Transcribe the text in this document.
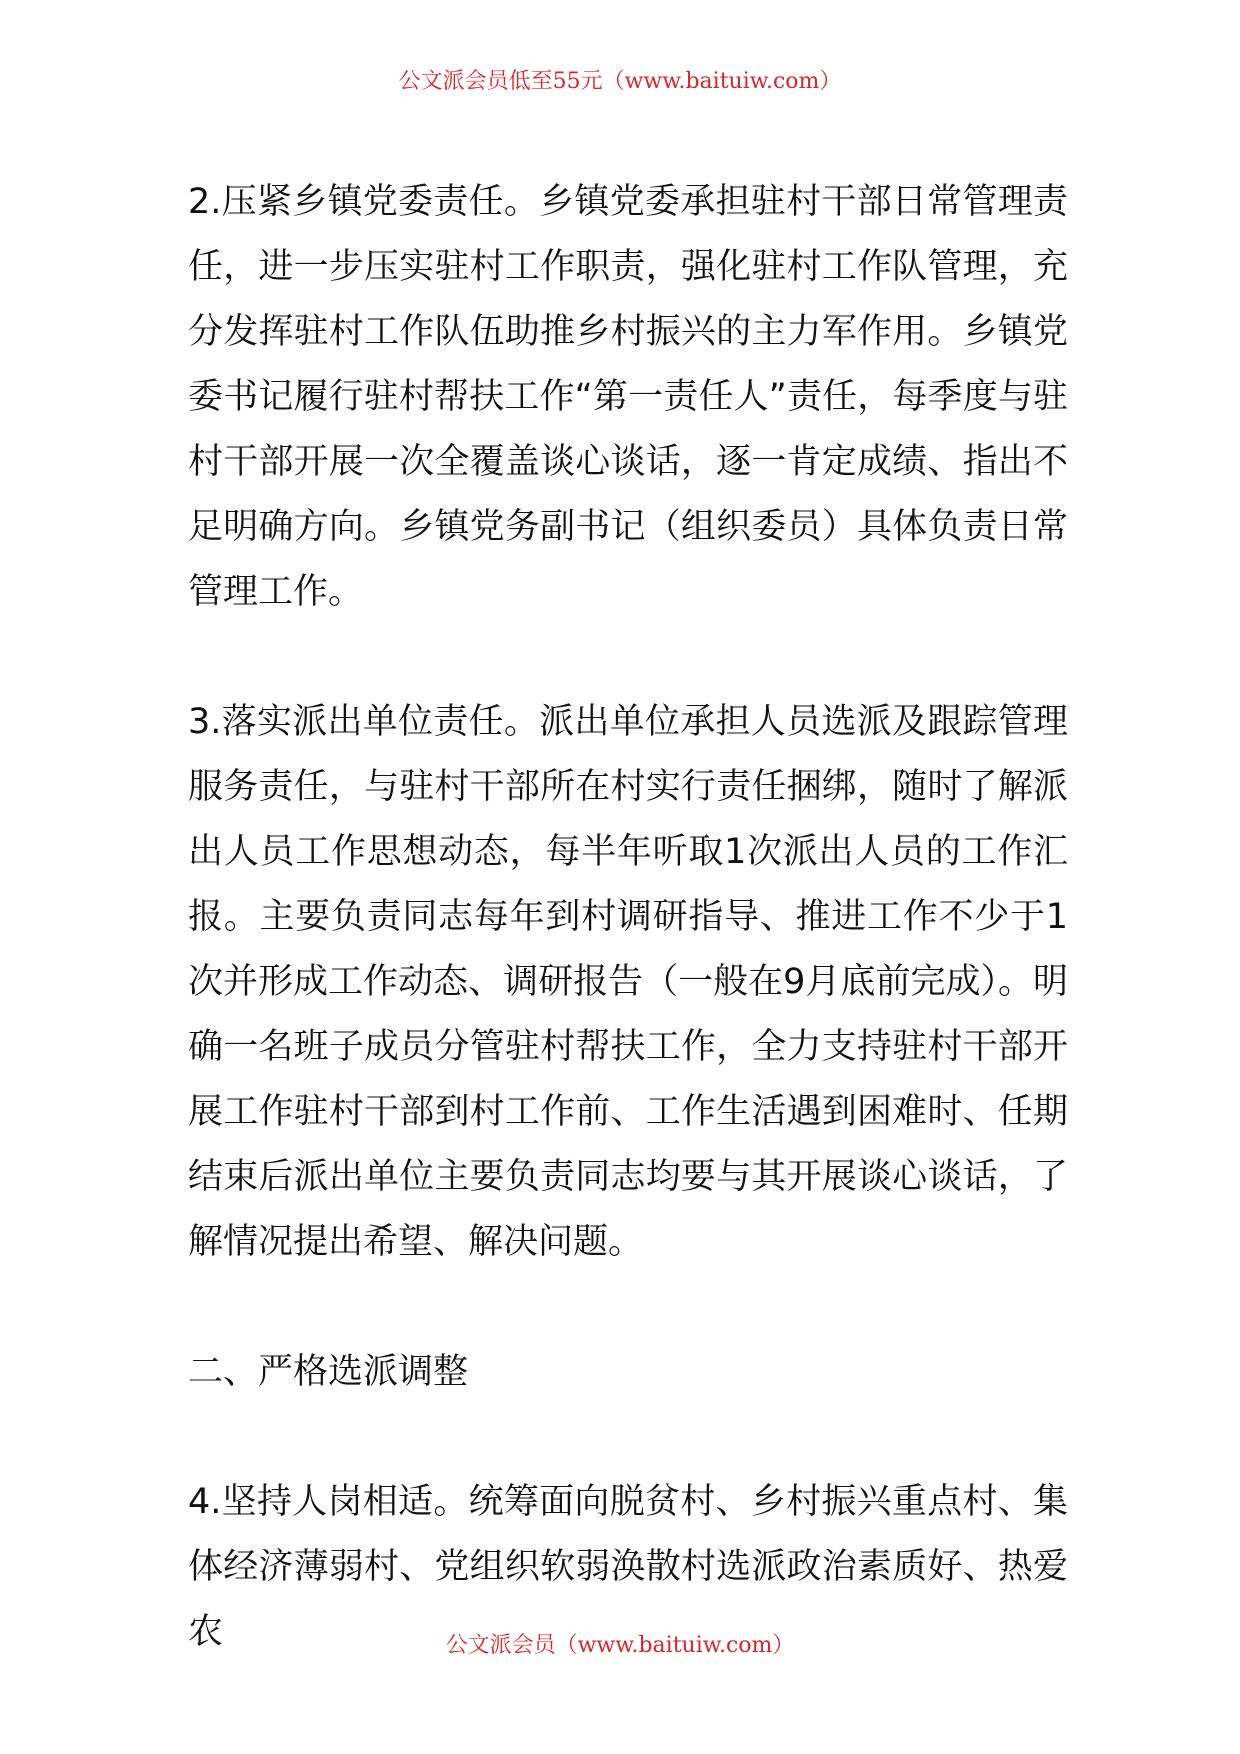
公文派会员低至55元（www.baituiw.com）

2.压紧乡镇党委责任。乡镇党委承担驻村干部日常管理责任，进一步压实驻村工作职责，强化驻村工作队管理，充分发挥驻村工作队伍助推乡村振兴的主力军作用。乡镇党委书记履行驻村帮扶工作“第一责任人”责任，每季度与驻村干部开展一次全覆盖谈心谈话，逐一肯定成绩、指出不足明确方向。乡镇党务副书记（组织委员）具体负责日常管理工作。

3.落实派出单位责任。派出单位承担人员选派及跟踪管理服务责任，与驻村干部所在村实行责任捆绑，随时了解派出人员工作思想动态，每半年听取1次派出人员的工作汇报。主要负责同志每年到村调研指导、推进工作不少于1次并形成工作动态、调研报告（一般在9月底前完成）。明确一名班子成员分管驻村帮扶工作，全力支持驻村干部开展工作驻村干部到村工作前、工作生活遇到困难时、任期结束后派出单位主要负责同志均要与其开展谈心谈话，了解情况提出希望、解决问题。

二、严格选派调整

4.坚持人岗相适。统筹面向脱贫村、乡村振兴重点村、集体经济薄弱村、党组织软弱涣散村选派政治素质好、热爱农	公文派会员（www.baituiw.com）
